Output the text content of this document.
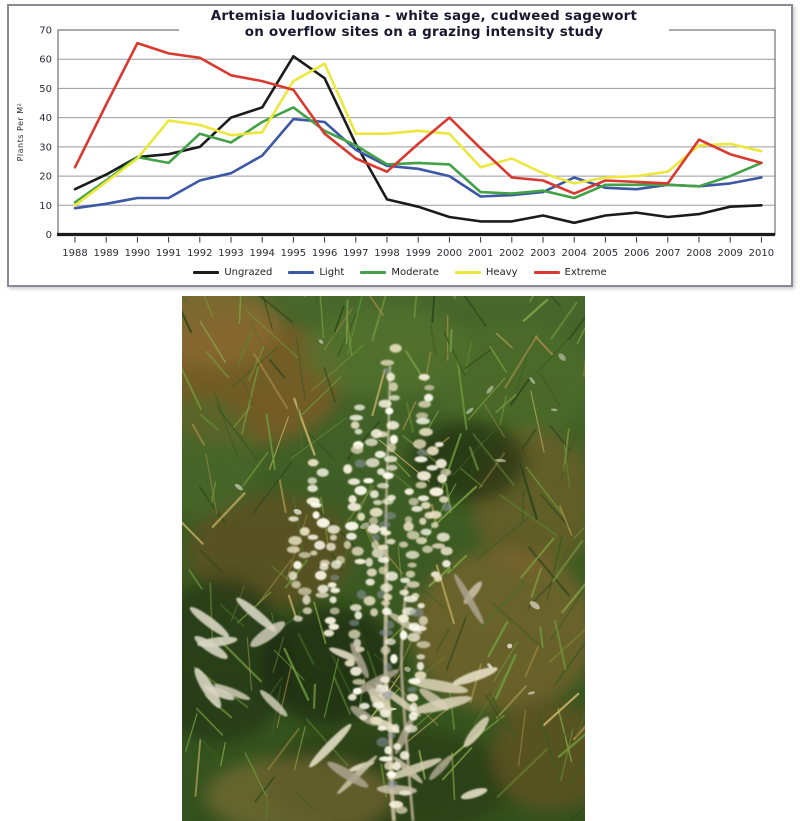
0
10
20
30
40
50
60
70
Plants Per M²
1988 1989 1990 1991 1992 1993 1994 1995 1996 1997 1998 1999 2000 2001 2002 2003 2004 2005 2006 2007 2008 2009 2010
Artemisia ludoviciana - white sage, cudweed sagewort
on overflow sites on a grazing intensity study
Ungrazed	Light	Moderate	Heavy	Extreme
